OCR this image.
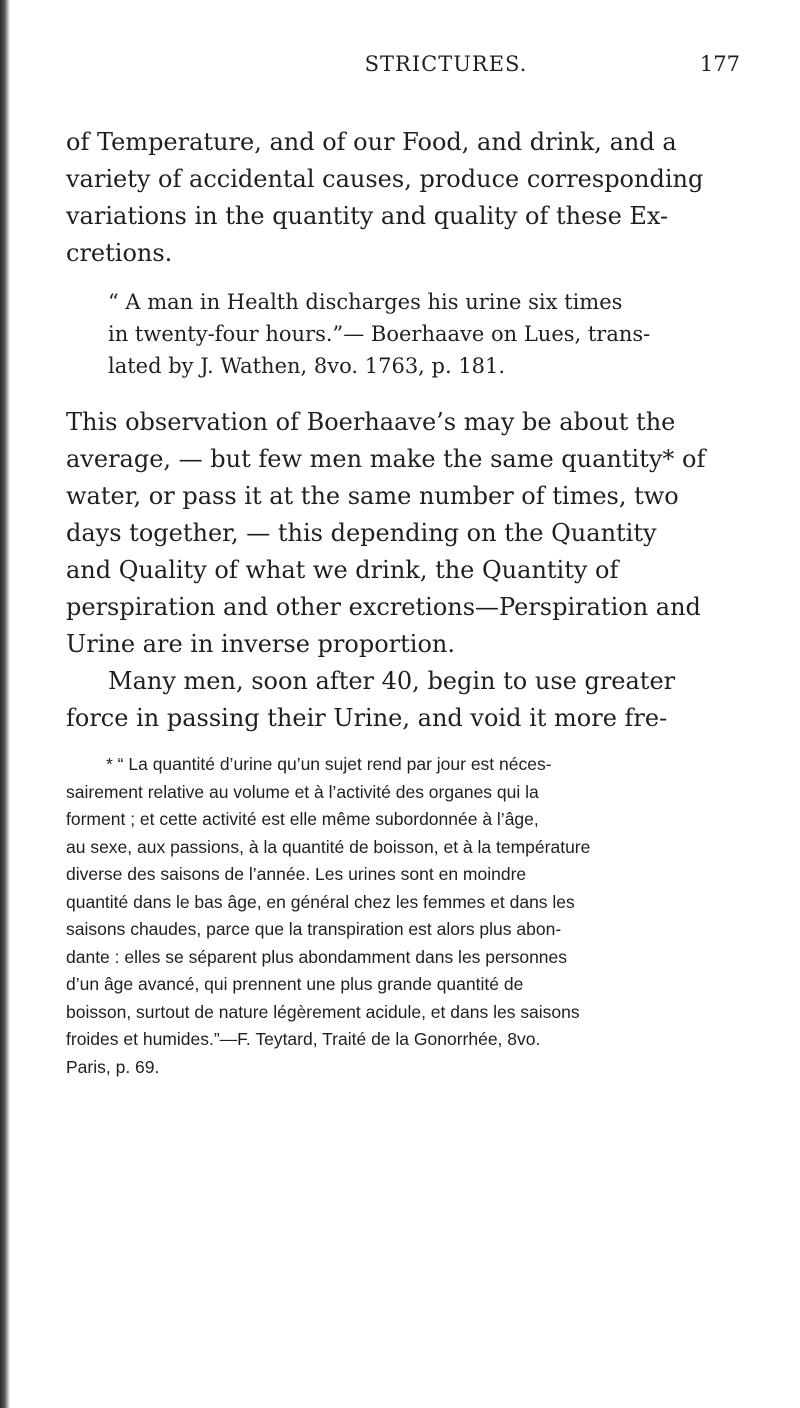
STRICTURES.	177
of Temperature, and of our Food, and drink, and a
variety of accidental causes, produce corresponding
variations in the quantity and quality of these Ex-
cretions.
“ A man in Health discharges his urine six times
in twenty-four hours.”— Boerhaave on Lues, trans-
lated by J. Wathen, 8vo. 1763, p. 181.
This observation of Boerhaave’s may be about the
average, — but few men make the same quantity* of
water, or pass it at the same number of times, two
days together, — this depending on the Quantity
and Quality of what we drink, the Quantity of
perspiration and other excretions—Perspiration and
Urine are in inverse proportion.
Many men, soon after 40, begin to use greater
force in passing their Urine, and void it more fre-
* “ La quantité d’urine qu’un sujet rend par jour est néces-
sairement relative au volume et à l’activité des organes qui la
forment ; et cette activité est elle même subordonnée à l’âge,
au sexe, aux passions, à la quantité de boisson, et à la température
diverse des saisons de l’année. Les urines sont en moindre
quantité dans le bas âge, en général chez les femmes et dans les
saisons chaudes, parce que la transpiration est alors plus abon-
dante : elles se séparent plus abondamment dans les personnes
d’un âge avancé, qui prennent une plus grande quantité de
boisson, surtout de nature légèrement acidule, et dans les saisons
froides et humides.”—F. Teytard, Traité de la Gonorrhée, 8vo.
Paris, p. 69.
